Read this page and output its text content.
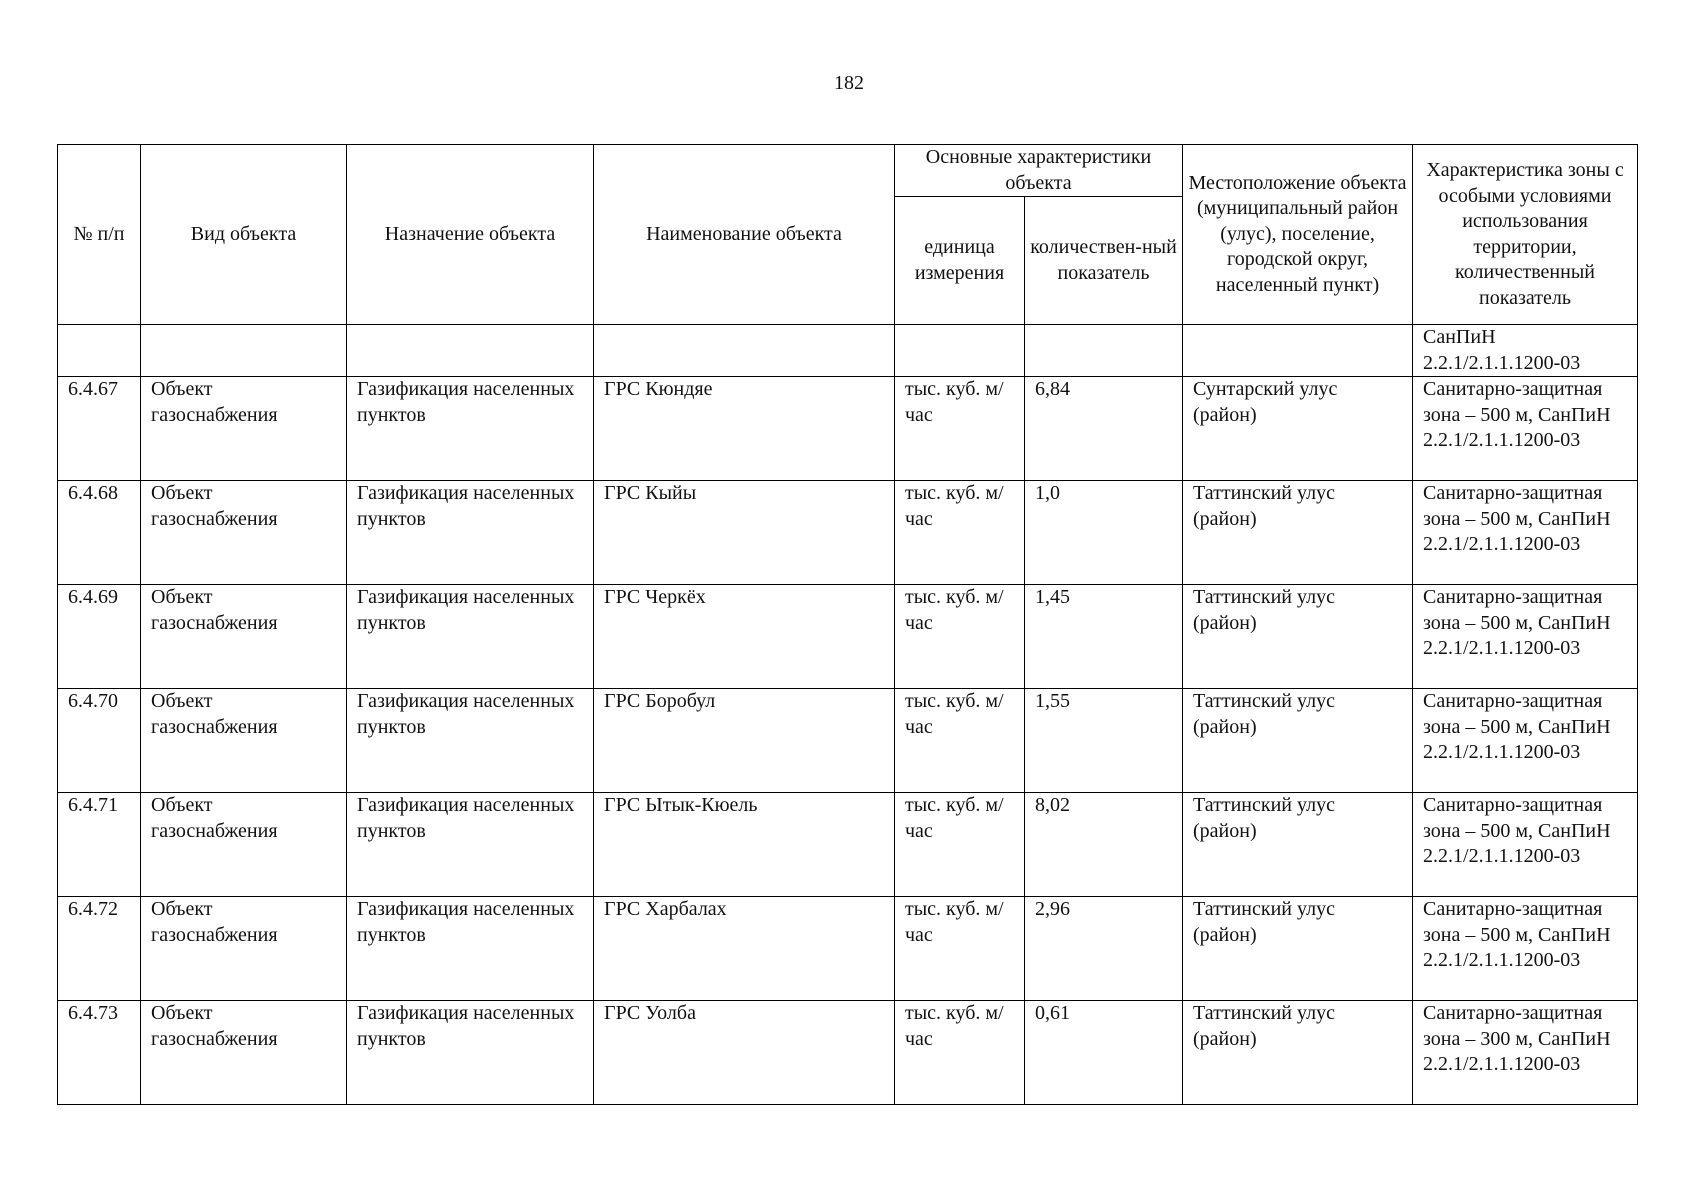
182
№ п/п	Вид объекта	Назначение объекта	Наименование объекта	Основные характеристики объекта		Местоположение объекта (муниципальный район (улус), поселение, городской округ, населенный пункт)	Характеристика зоны с особыми условиями использования территории, количественный показатель
				единица измерения	количествен-ный показатель		
							СанПиН 2.2.1/2.1.1.1200-03
6.4.67	Объект газоснабжения	Газификация населенных пунктов	ГРС Кюндяе	тыс. куб. м/час	6,84	Сунтарский улус (район)	Санитарно-защитная зона – 500 м, СанПиН 2.2.1/2.1.1.1200-03
6.4.68	Объект газоснабжения	Газификация населенных пунктов	ГРС Кыйы	тыс. куб. м/час	1,0	Таттинский улус (район)	Санитарно-защитная зона – 500 м, СанПиН 2.2.1/2.1.1.1200-03
6.4.69	Объект газоснабжения	Газификация населенных пунктов	ГРС Черкёх	тыс. куб. м/час	1,45	Таттинский улус (район)	Санитарно-защитная зона – 500 м, СанПиН 2.2.1/2.1.1.1200-03
6.4.70	Объект газоснабжения	Газификация населенных пунктов	ГРС Боробул	тыс. куб. м/час	1,55	Таттинский улус (район)	Санитарно-защитная зона – 500 м, СанПиН 2.2.1/2.1.1.1200-03
6.4.71	Объект газоснабжения	Газификация населенных пунктов	ГРС Ытык-Кюель	тыс. куб. м/час	8,02	Таттинский улус (район)	Санитарно-защитная зона – 500 м, СанПиН 2.2.1/2.1.1.1200-03
6.4.72	Объект газоснабжения	Газификация населенных пунктов	ГРС Харбалах	тыс. куб. м/час	2,96	Таттинский улус (район)	Санитарно-защитная зона – 500 м, СанПиН 2.2.1/2.1.1.1200-03
6.4.73	Объект газоснабжения	Газификация населенных пунктов	ГРС Уолба	тыс. куб. м/час	0,61	Таттинский улус (район)	Санитарно-защитная зона – 300 м, СанПиН 2.2.1/2.1.1.1200-03
